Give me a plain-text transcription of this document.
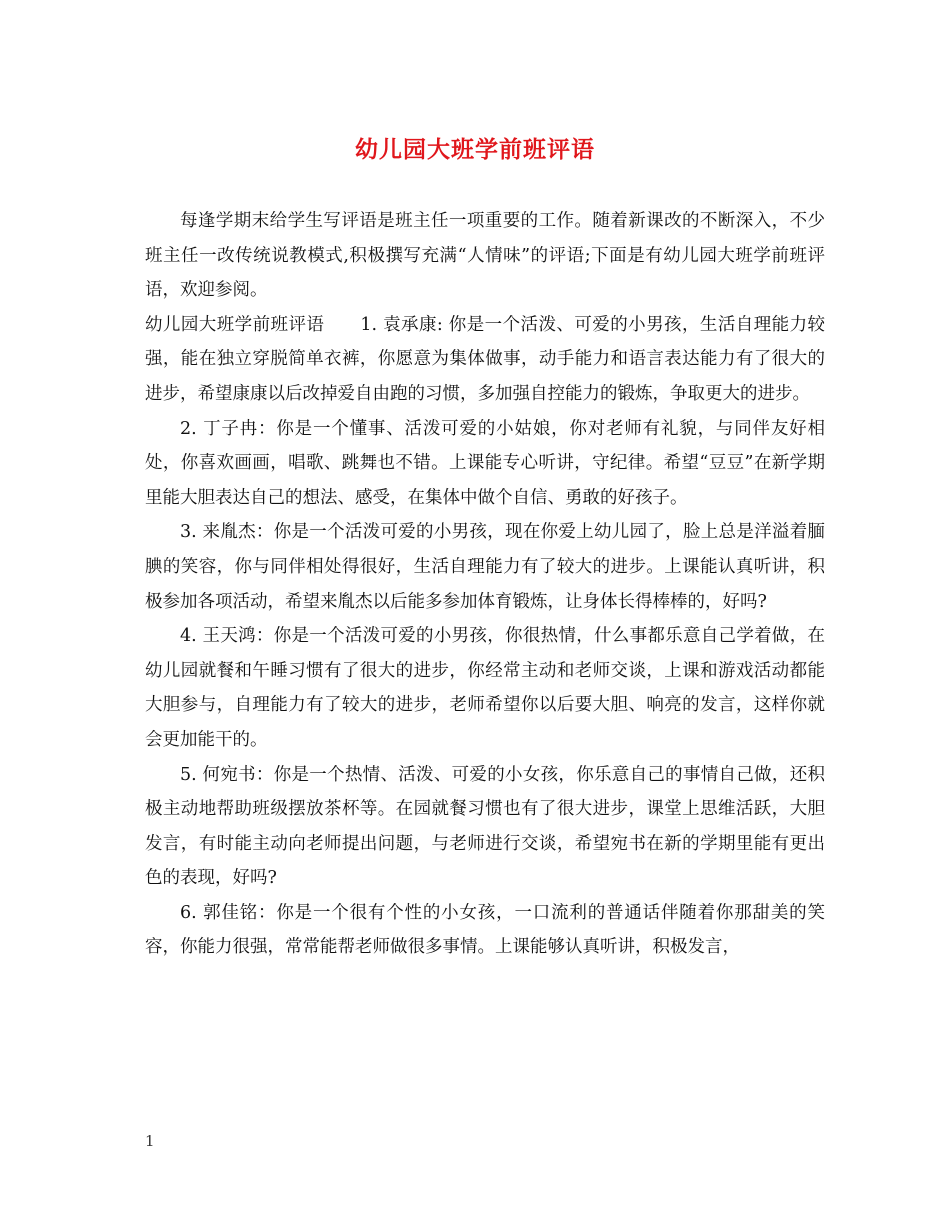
幼儿园大班学前班评语

每逢学期末给学生写评语是班主任一项重要的工作。随着新课改的不断深入，不少班主任一改传统说教模式,积极撰写充满“人情味”的评语;下面是有幼儿园大班学前班评语，欢迎参阅。

幼儿园大班学前班评语 1. 袁承康: 你是一个活泼、可爱的小男孩，生活自理能力较强，能在独立穿脱简单衣裤，你愿意为集体做事，动手能力和语言表达能力有了很大的进步，希望康康以后改掉爱自由跑的习惯，多加强自控能力的锻炼，争取更大的进步。

2. 丁子冉：你是一个懂事、活泼可爱的小姑娘，你对老师有礼貌，与同伴友好相处，你喜欢画画，唱歌、跳舞也不错。上课能专心听讲，守纪律。希望“豆豆”在新学期里能大胆表达自己的想法、感受，在集体中做个自信、勇敢的好孩子。

3. 来胤杰：你是一个活泼可爱的小男孩，现在你爱上幼儿园了，脸上总是洋溢着腼腆的笑容，你与同伴相处得很好，生活自理能力有了较大的进步。上课能认真听讲，积极参加各项活动，希望来胤杰以后能多参加体育锻炼，让身体长得棒棒的，好吗?

4. 王天鸿：你是一个活泼可爱的小男孩，你很热情，什么事都乐意自己学着做，在幼儿园就餐和午睡习惯有了很大的进步，你经常主动和老师交谈，上课和游戏活动都能大胆参与，自理能力有了较大的进步，老师希望你以后要大胆、响亮的发言，这样你就会更加能干的。

5. 何宛书：你是一个热情、活泼、可爱的小女孩，你乐意自己的事情自己做，还积极主动地帮助班级摆放茶杯等。在园就餐习惯也有了很大进步，课堂上思维活跃，大胆发言，有时能主动向老师提出问题，与老师进行交谈，希望宛书在新的学期里能有更出色的表现，好吗?

6. 郭佳铭：你是一个很有个性的小女孩，一口流利的普通话伴随着你那甜美的笑容，你能力很强，常常能帮老师做很多事情。上课能够认真听讲，积极发言，

1
